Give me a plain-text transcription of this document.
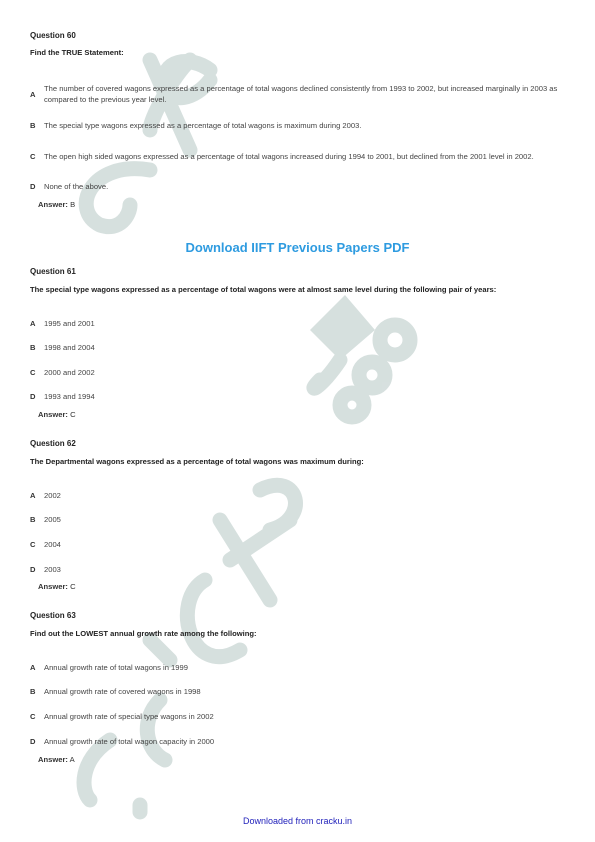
Question 60

Find the TRUE Statement:

A
The number of covered wagons expressed as a percentage of total wagons declined consistently from 1993 to 2002, but increased marginally in 2003 as compared to the previous year level.
B	The special type wagons expressed as a percentage of total wagons is maximum during 2003.
C	The open high sided wagons expressed as a percentage of total wagons increased during 1994 to 2001, but declined from the 2001 level in 2002.
D	None of the above.
Answer: B
Download IIFT Previous Papers PDF

Question 61

The special type wagons expressed as a percentage of total wagons were at almost same level during the following pair of years:

A	1995 and 2001
B	1998 and 2004
C	2000 and 2002
D	1993 and 1994
Answer: C

Question 62

The Departmental wagons expressed as a percentage of total wagons was maximum during:

A	2002
B	2005
C	2004
D	2003
Answer: C

Question 63

Find out the LOWEST annual growth rate among the following:

A	Annual growth rate of total wagons in 1999
B	Annual growth rate of covered wagons in 1998
C	Annual growth rate of special type wagons in 2002
D	Annual growth rate of total wagon capacity in 2000
Answer: A
Downloaded from cracku.in
